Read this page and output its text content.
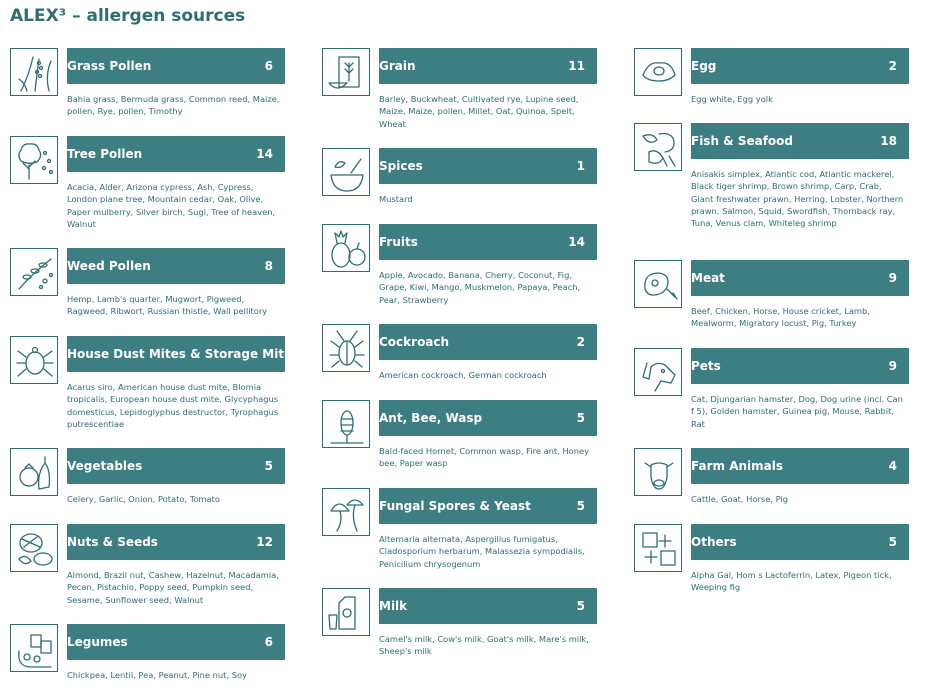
ALEX³ – allergen sources
Grass Pollen	6
Bahia grass, Bermuda grass, Common reed, Maize, pollen, Rye, pollen, Timothy
Tree Pollen	14
Acacia, Alder, Arizona cypress, Ash, Cypress, London plane tree, Mountain cedar, Oak, Olive, Paper mulberry, Silver birch, Sugi, Tree of heaven, Walnut
Weed Pollen	8
Hemp, Lamb's quarter, Mugwort, Pigweed, Ragweed, Ribwort, Russian thistle, Wall pellitory
House Dust Mites & Storage Mites 7
Acarus siro, American house dust mite, Blomia tropicalis, European house dust mite, Glycyphagus domesticus, Lepidoglyphus destructor, Tyrophagus putrescentiae
Vegetables	5
Celery, Garlic, Onion, Potato, Tomato
Nuts & Seeds	12
Almond, Brazil nut, Cashew, Hazelnut, Macadamia, Pecan, Pistachio, Poppy seed, Pumpkin seed, Sesame, Sunflower seed, Walnut
Legumes	6
Chickpea, Lentil, Pea, Peanut, Pine nut, Soy
Grain	11
Barley, Buckwheat, Cultivated rye, Lupine seed, Maize, Maize, pollen, Millet, Oat, Quinoa, Spelt, Wheat
Spices	1
Mustard
Fruits	14
Apple, Avocado, Banana, Cherry, Coconut, Fig, Grape, Kiwi, Mango, Muskmelon, Papaya, Peach, Pear, Strawberry
Cockroach	2
American cockroach, German cockroach
Ant, Bee, Wasp	5
Bald-faced Hornet, Common wasp, Fire ant, Honey bee, Paper wasp
Fungal Spores & Yeast	5
Alternaria alternata, Aspergillus fumigatus, Cladosporium herbarum, Malassezia sympodialis, Penicilium chrysogenum
Milk	5
Camel's milk, Cow's milk, Goat's milk, Mare's milk, Sheep's milk
Egg	2
Egg white, Egg yolk
Fish & Seafood	18
Anisakis simplex, Atlantic cod, Atlantic mackerel, Black tiger shrimp, Brown shrimp, Carp, Crab, Giant freshwater prawn, Herring, Lobster, Northern prawn, Salmon, Squid, Swordfish, Thornback ray, Tuna, Venus clam, Whiteleg shrimp
Meat	9
Beef, Chicken, Horse, House cricket, Lamb, Mealworm, Migratory locust, Pig, Turkey
Pets	9
Cat, Djungarian hamster, Dog, Dog urine (incl. Can f 5), Golden hamster, Guinea pig, Mouse, Rabbit, Rat
Farm Animals	4
Cattle, Goat, Horse, Pig
Others	5
Alpha Gal, Hom s Lactoferrin, Latex, Pigeon tick, Weeping fig
